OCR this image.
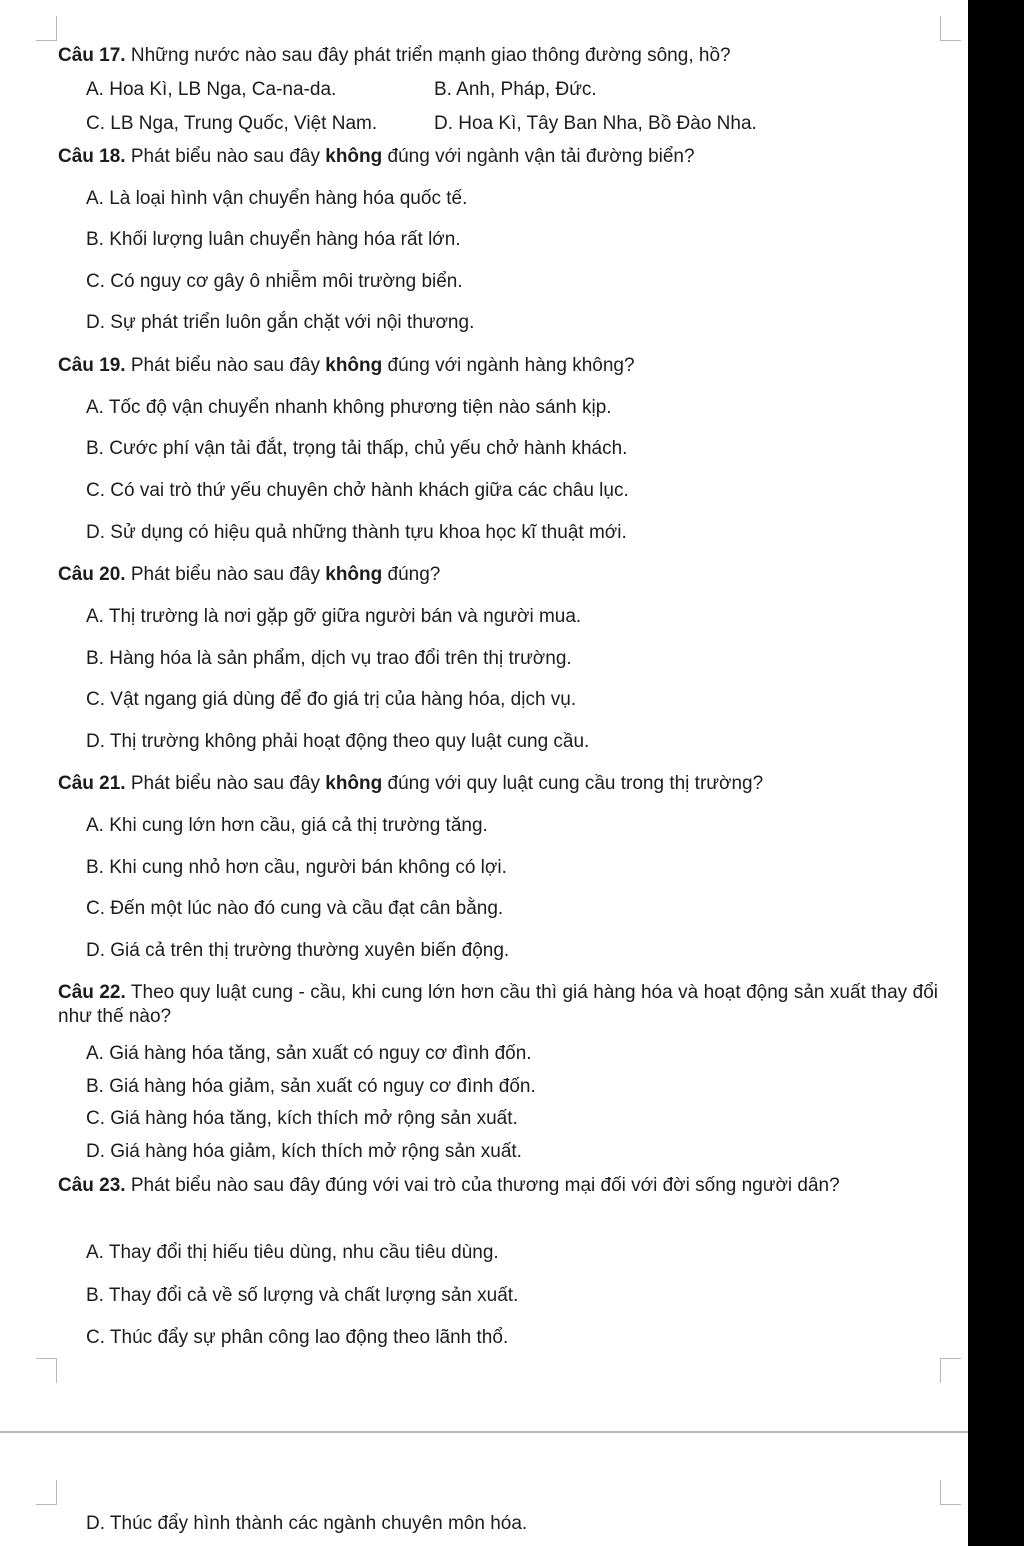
Câu 17. Những nước nào sau đây phát triển mạnh giao thông đường sông, hồ?
A. Hoa Kì, LB Nga, Ca-na-da.	B. Anh, Pháp, Đức.
C. LB Nga, Trung Quốc, Việt Nam.	D. Hoa Kì, Tây Ban Nha, Bồ Đào Nha.
Câu 18. Phát biểu nào sau đây không đúng với ngành vận tải đường biển?
A. Là loại hình vận chuyển hàng hóa quốc tế.
B. Khối lượng luân chuyển hàng hóa rất lớn.
C. Có nguy cơ gây ô nhiễm môi trường biển.
D. Sự phát triển luôn gắn chặt với nội thương.
Câu 19. Phát biểu nào sau đây không đúng với ngành hàng không?
A. Tốc độ vận chuyển nhanh không phương tiện nào sánh kịp.
B. Cước phí vận tải đắt, trọng tải thấp, chủ yếu chở hành khách.
C. Có vai trò thứ yếu chuyên chở hành khách giữa các châu lục.
D. Sử dụng có hiệu quả những thành tựu khoa học kĩ thuật mới.
Câu 20. Phát biểu nào sau đây không đúng?
A. Thị trường là nơi gặp gỡ giữa người bán và người mua.
B. Hàng hóa là sản phẩm, dịch vụ trao đổi trên thị trường.
C. Vật ngang giá dùng để đo giá trị của hàng hóa, dịch vụ.
D. Thị trường không phải hoạt động theo quy luật cung cầu.
Câu 21. Phát biểu nào sau đây không đúng với quy luật cung cầu trong thị trường?
A. Khi cung lớn hơn cầu, giá cả thị trường tăng.
B. Khi cung nhỏ hơn cầu, người bán không có lợi.
C. Đến một lúc nào đó cung và cầu đạt cân bằng.
D. Giá cả trên thị trường thường xuyên biến động.
Câu 22. Theo quy luật cung - cầu, khi cung lớn hơn cầu thì giá hàng hóa và hoạt động sản xuất thay đổi như thế nào?
A. Giá hàng hóa tăng, sản xuất có nguy cơ đình đốn.
B. Giá hàng hóa giảm, sản xuất có nguy cơ đình đốn.
C. Giá hàng hóa tăng, kích thích mở rộng sản xuất.
D. Giá hàng hóa giảm, kích thích mở rộng sản xuất.
Câu 23. Phát biểu nào sau đây đúng với vai trò của thương mại đối với đời sống người dân?
A. Thay đổi thị hiếu tiêu dùng, nhu cầu tiêu dùng.
B. Thay đổi cả về số lượng và chất lượng sản xuất.
C. Thúc đẩy sự phân công lao động theo lãnh thổ.
D. Thúc đẩy hình thành các ngành chuyên môn hóa.
